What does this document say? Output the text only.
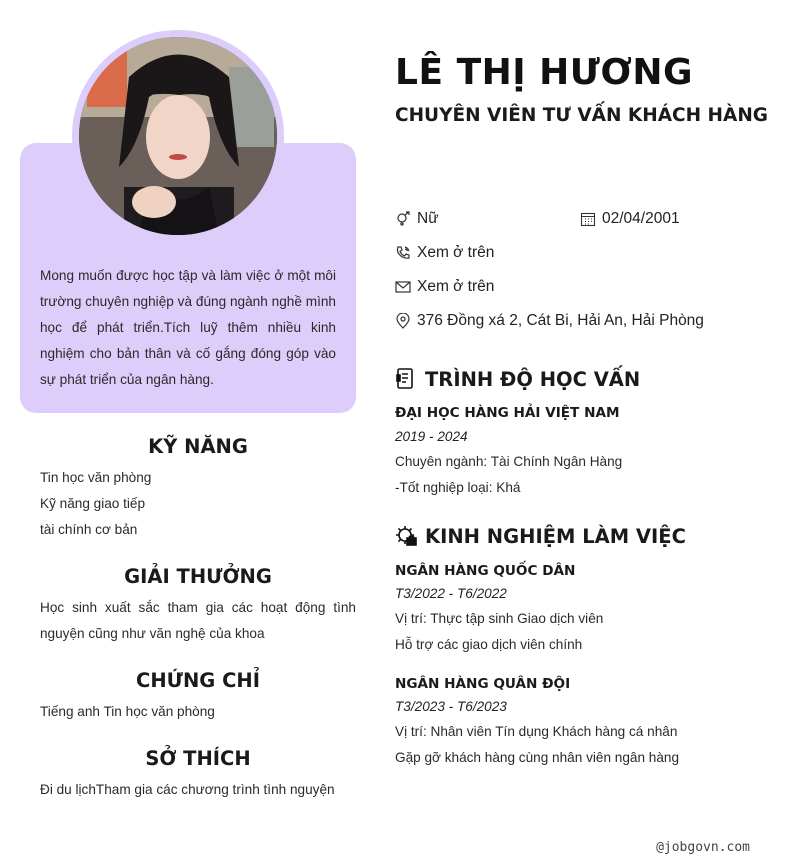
Mong muốn được học tập và làm việc ở một môi trường chuyên nghiệp và đúng ngành nghề mình học để phát triển.Tích luỹ thêm nhiều kinh nghiệm cho bản thân và cố gắng đóng góp vào sự phát triển của ngân hàng.
KỸ NĂNG
Tin học văn phòng
Kỹ năng giao tiếp
tài chính cơ bản
GIẢI THƯỞNG
Học sinh xuất sắc tham gia các hoạt động tình nguyện cũng như văn nghệ của khoa
CHỨNG CHỈ
Tiếng anh Tin học văn phòng
SỞ THÍCH
Đi du lịchTham gia các chương trình tình nguyện
LÊ THỊ HƯƠNG
CHUYÊN VIÊN TƯ VẤN KHÁCH HÀNG
Nữ	02/04/2001
Xem ở trên
Xem ở trên
376 Đồng xá 2, Cát Bi, Hải An, Hải Phòng
TRÌNH ĐỘ HỌC VẤN
ĐẠI HỌC HÀNG HẢI VIỆT NAM
2019 - 2024
Chuyên ngành: Tài Chính Ngân Hàng
-Tốt nghiệp loại: Khá
KINH NGHIỆM LÀM VIỆC
NGÂN HÀNG QUỐC DÂN
T3/2022 - T6/2022
Vị trí: Thực tập sinh Giao dịch viên
Hỗ trợ các giao dịch viên chính
NGÂN HÀNG QUÂN ĐỘI
T3/2023 - T6/2023
Vị trí: Nhân viên Tín dụng Khách hàng cá nhân
Gặp gỡ khách hàng cùng nhân viên ngân hàng
@jobgovn.com
